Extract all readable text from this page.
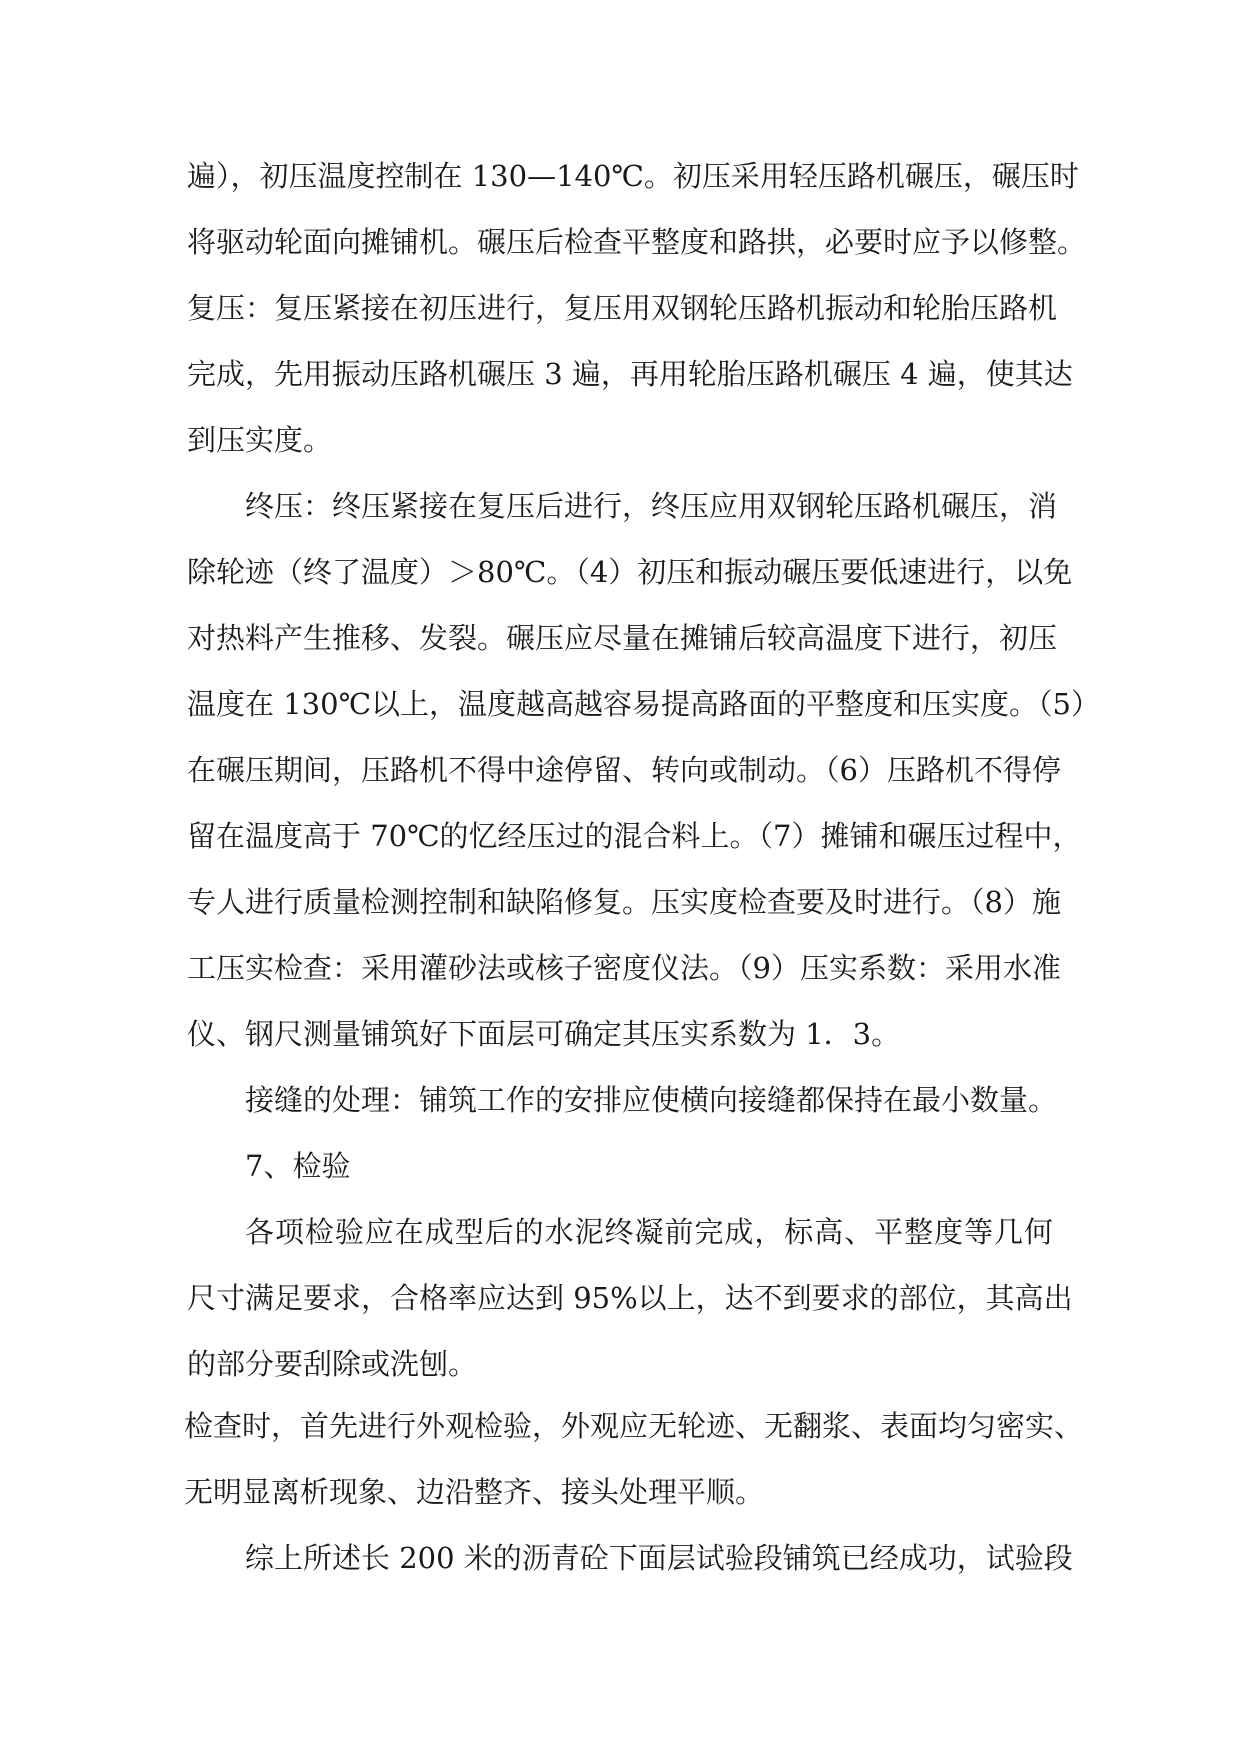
遍），初压温度控制在 130—140℃。初压采用轻压路机碾压，碾压时
将驱动轮面向摊铺机。碾压后检查平整度和路拱，必要时应予以修整。
复压：复压紧接在初压进行，复压用双钢轮压路机振动和轮胎压路机
完成，先用振动压路机碾压 3 遍，再用轮胎压路机碾压 4 遍，使其达
到压实度。
终压：终压紧接在复压后进行，终压应用双钢轮压路机碾压，消
除轮迹（终了温度）＞80℃。（4）初压和振动碾压要低速进行，以免
对热料产生推移、发裂。碾压应尽量在摊铺后较高温度下进行，初压
温度在 130℃以上，温度越高越容易提高路面的平整度和压实度。（5）
在碾压期间，压路机不得中途停留、转向或制动。（6）压路机不得停
留在温度高于 70℃的忆经压过的混合料上。（7）摊铺和碾压过程中，
专人进行质量检测控制和缺陷修复。压实度检查要及时进行。（8）施
工压实检查：采用灌砂法或核子密度仪法。（9）压实系数：采用水准
仪、钢尺测量铺筑好下面层可确定其压实系数为 1．3。
接缝的处理：铺筑工作的安排应使横向接缝都保持在最小数量。
7、检验
各项检验应在成型后的水泥终凝前完成，标高、平整度等几何
尺寸满足要求，合格率应达到 95%以上，达不到要求的部位，其高出
的部分要刮除或洗刨。
检查时，首先进行外观检验，外观应无轮迹、无翻浆、表面均匀密实、
无明显离析现象、边沿整齐、接头处理平顺。
综上所述长 200 米的沥青砼下面层试验段铺筑已经成功，试验段
